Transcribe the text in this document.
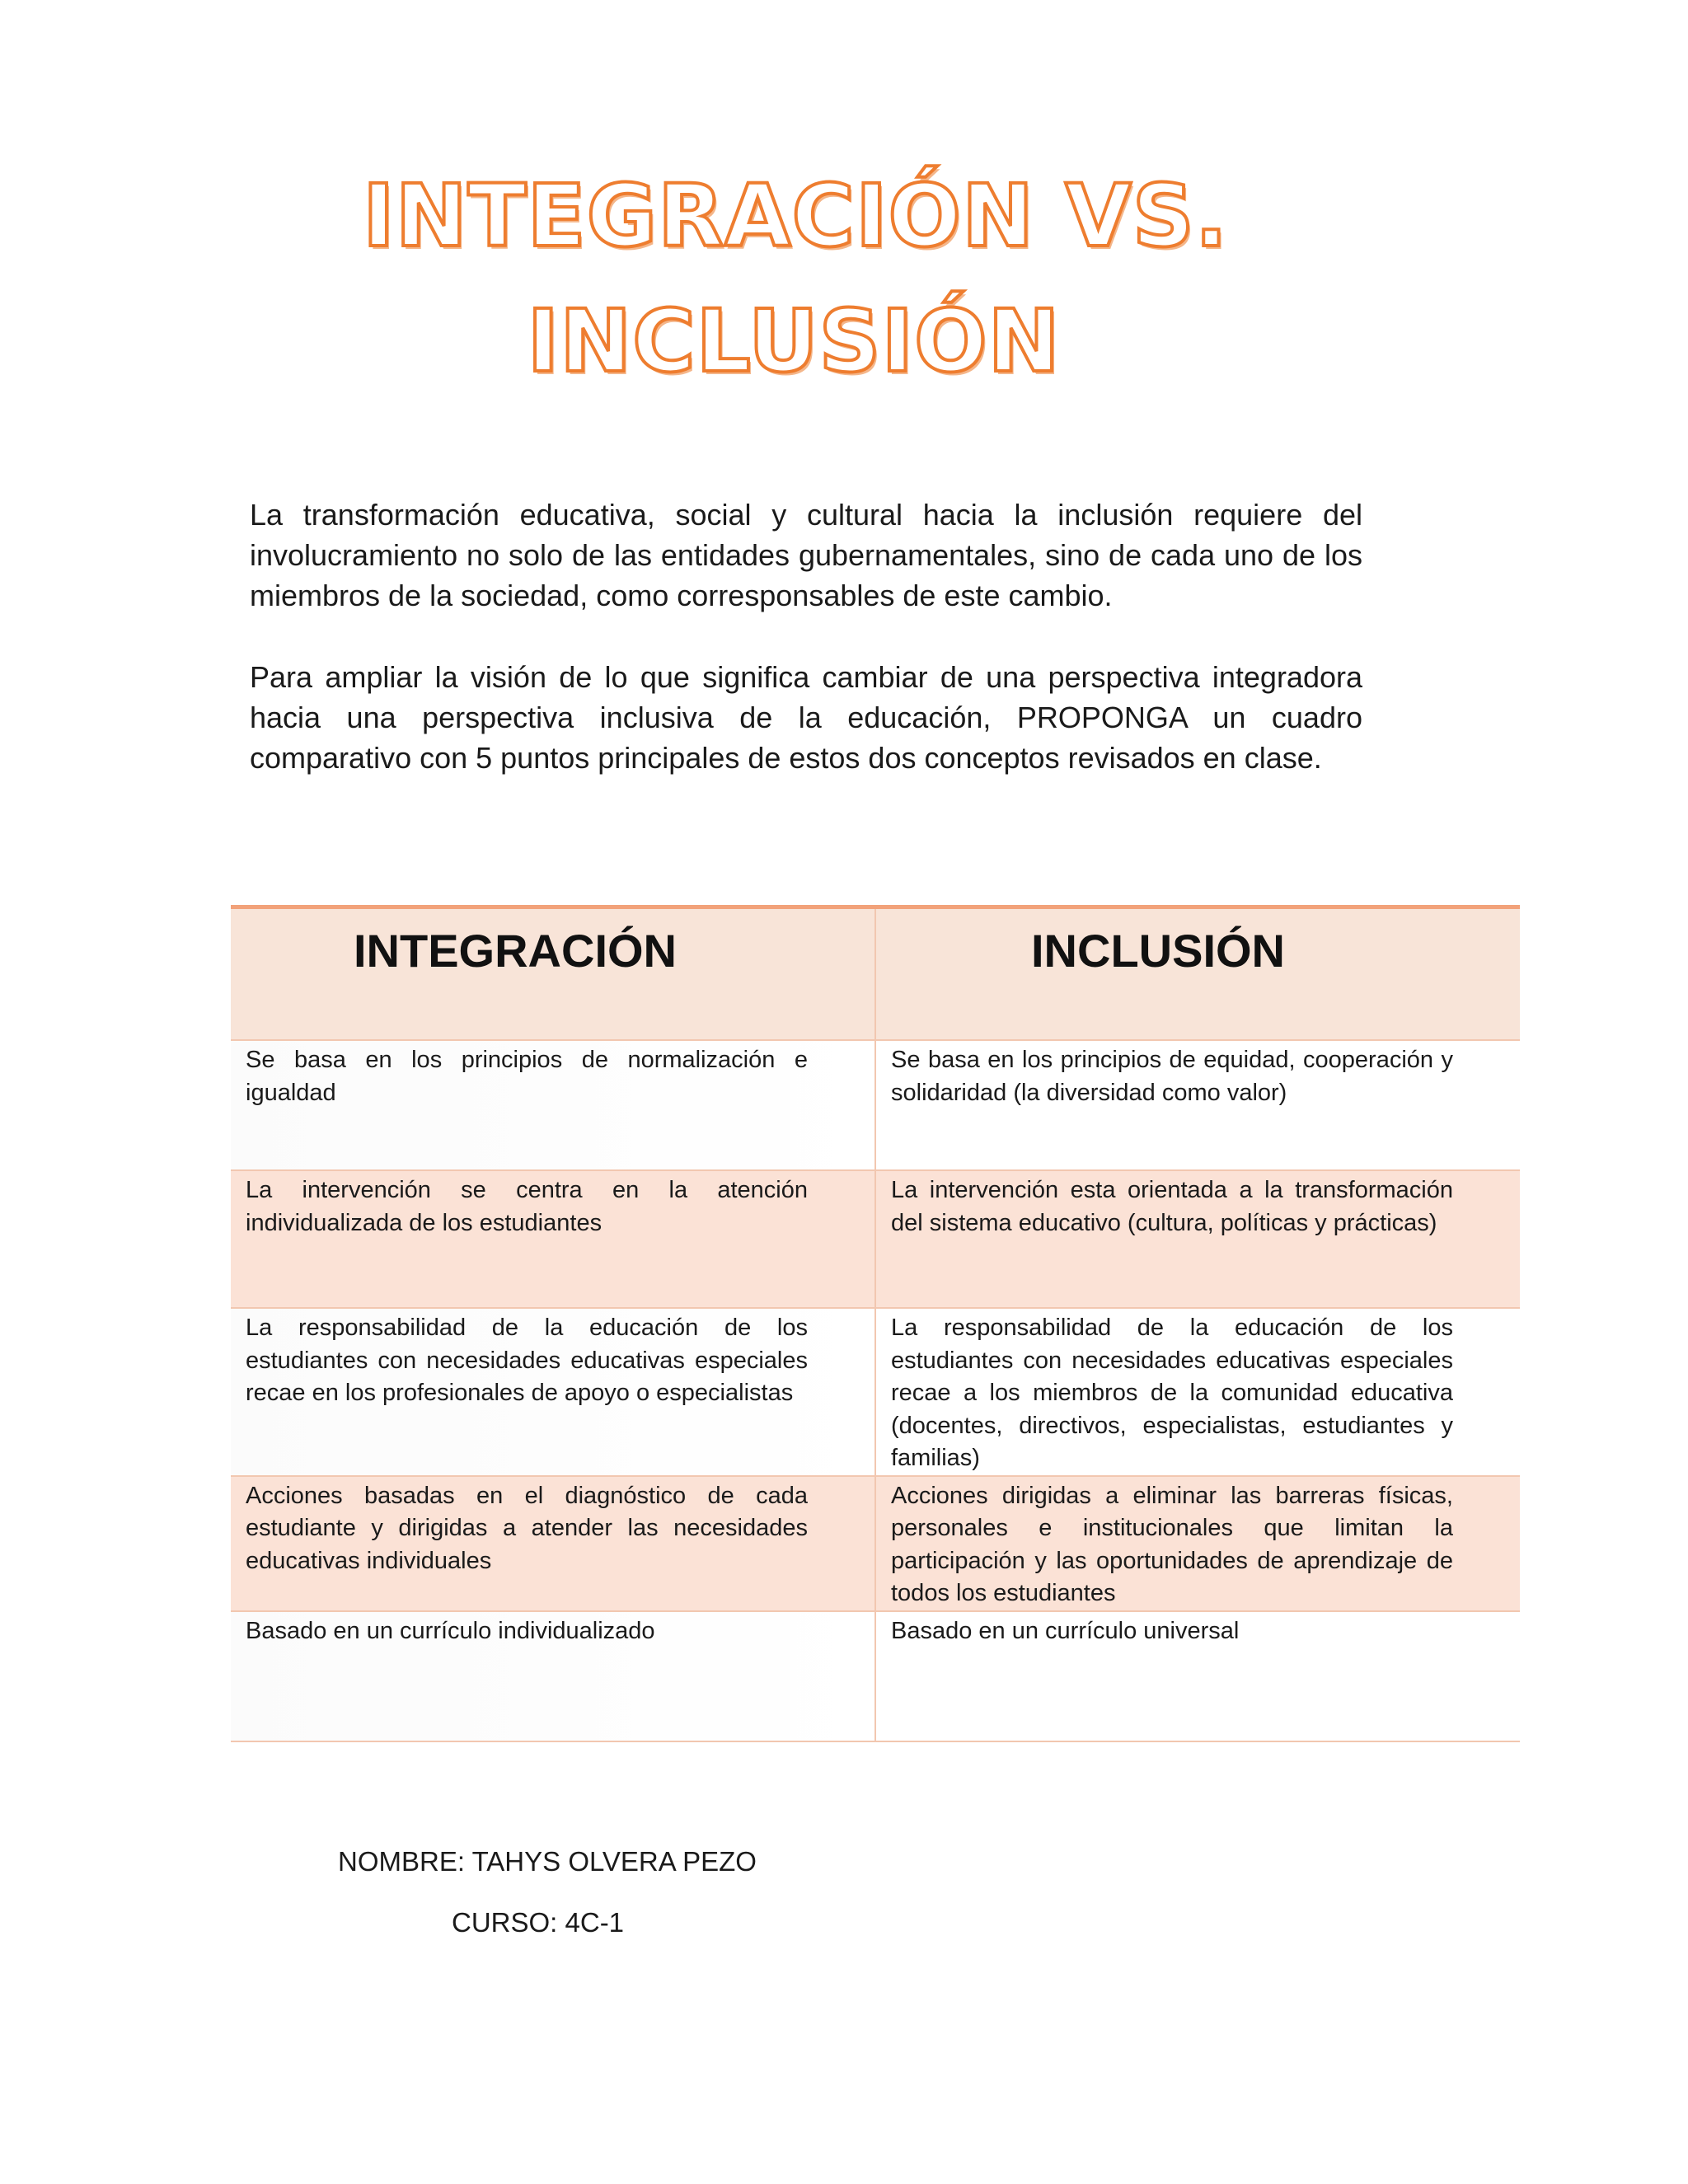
INTEGRACIÓN VS.
INCLUSIÓN

La transformación educativa, social y cultural hacia la inclusión requiere del involucramiento no solo de las entidades gubernamentales, sino de cada uno de los miembros de la sociedad, como corresponsables de este cambio.

Para ampliar la visión de lo que significa cambiar de una perspectiva integradora hacia una perspectiva inclusiva de la educación, PROPONGA un cuadro comparativo con 5 puntos principales de estos dos conceptos revisados en clase.

INTEGRACIÓN	INCLUSIÓN

Se basa en los principios de normalización e igualdad	Se basa en los principios de equidad, cooperación y solidaridad (la diversidad como valor)

La intervención se centra en la atención individualizada de los estudiantes	La intervención esta orientada a la transformación del sistema educativo (cultura, políticas y prácticas)

La responsabilidad de la educación de los estudiantes con necesidades educativas especiales recae en los profesionales de apoyo o especialistas	La responsabilidad de la educación de los estudiantes con necesidades educativas especiales recae a los miembros de la comunidad educativa (docentes, directivos, especialistas, estudiantes y familias)

Acciones basadas en el diagnóstico de cada estudiante y dirigidas a atender las necesidades educativas individuales	Acciones dirigidas a eliminar las barreras físicas, personales e institucionales que limitan la participación y las oportunidades de aprendizaje de todos los estudiantes

Basado en un currículo individualizado	Basado en un currículo universal

NOMBRE: TAHYS OLVERA PEZO

CURSO: 4C-1
